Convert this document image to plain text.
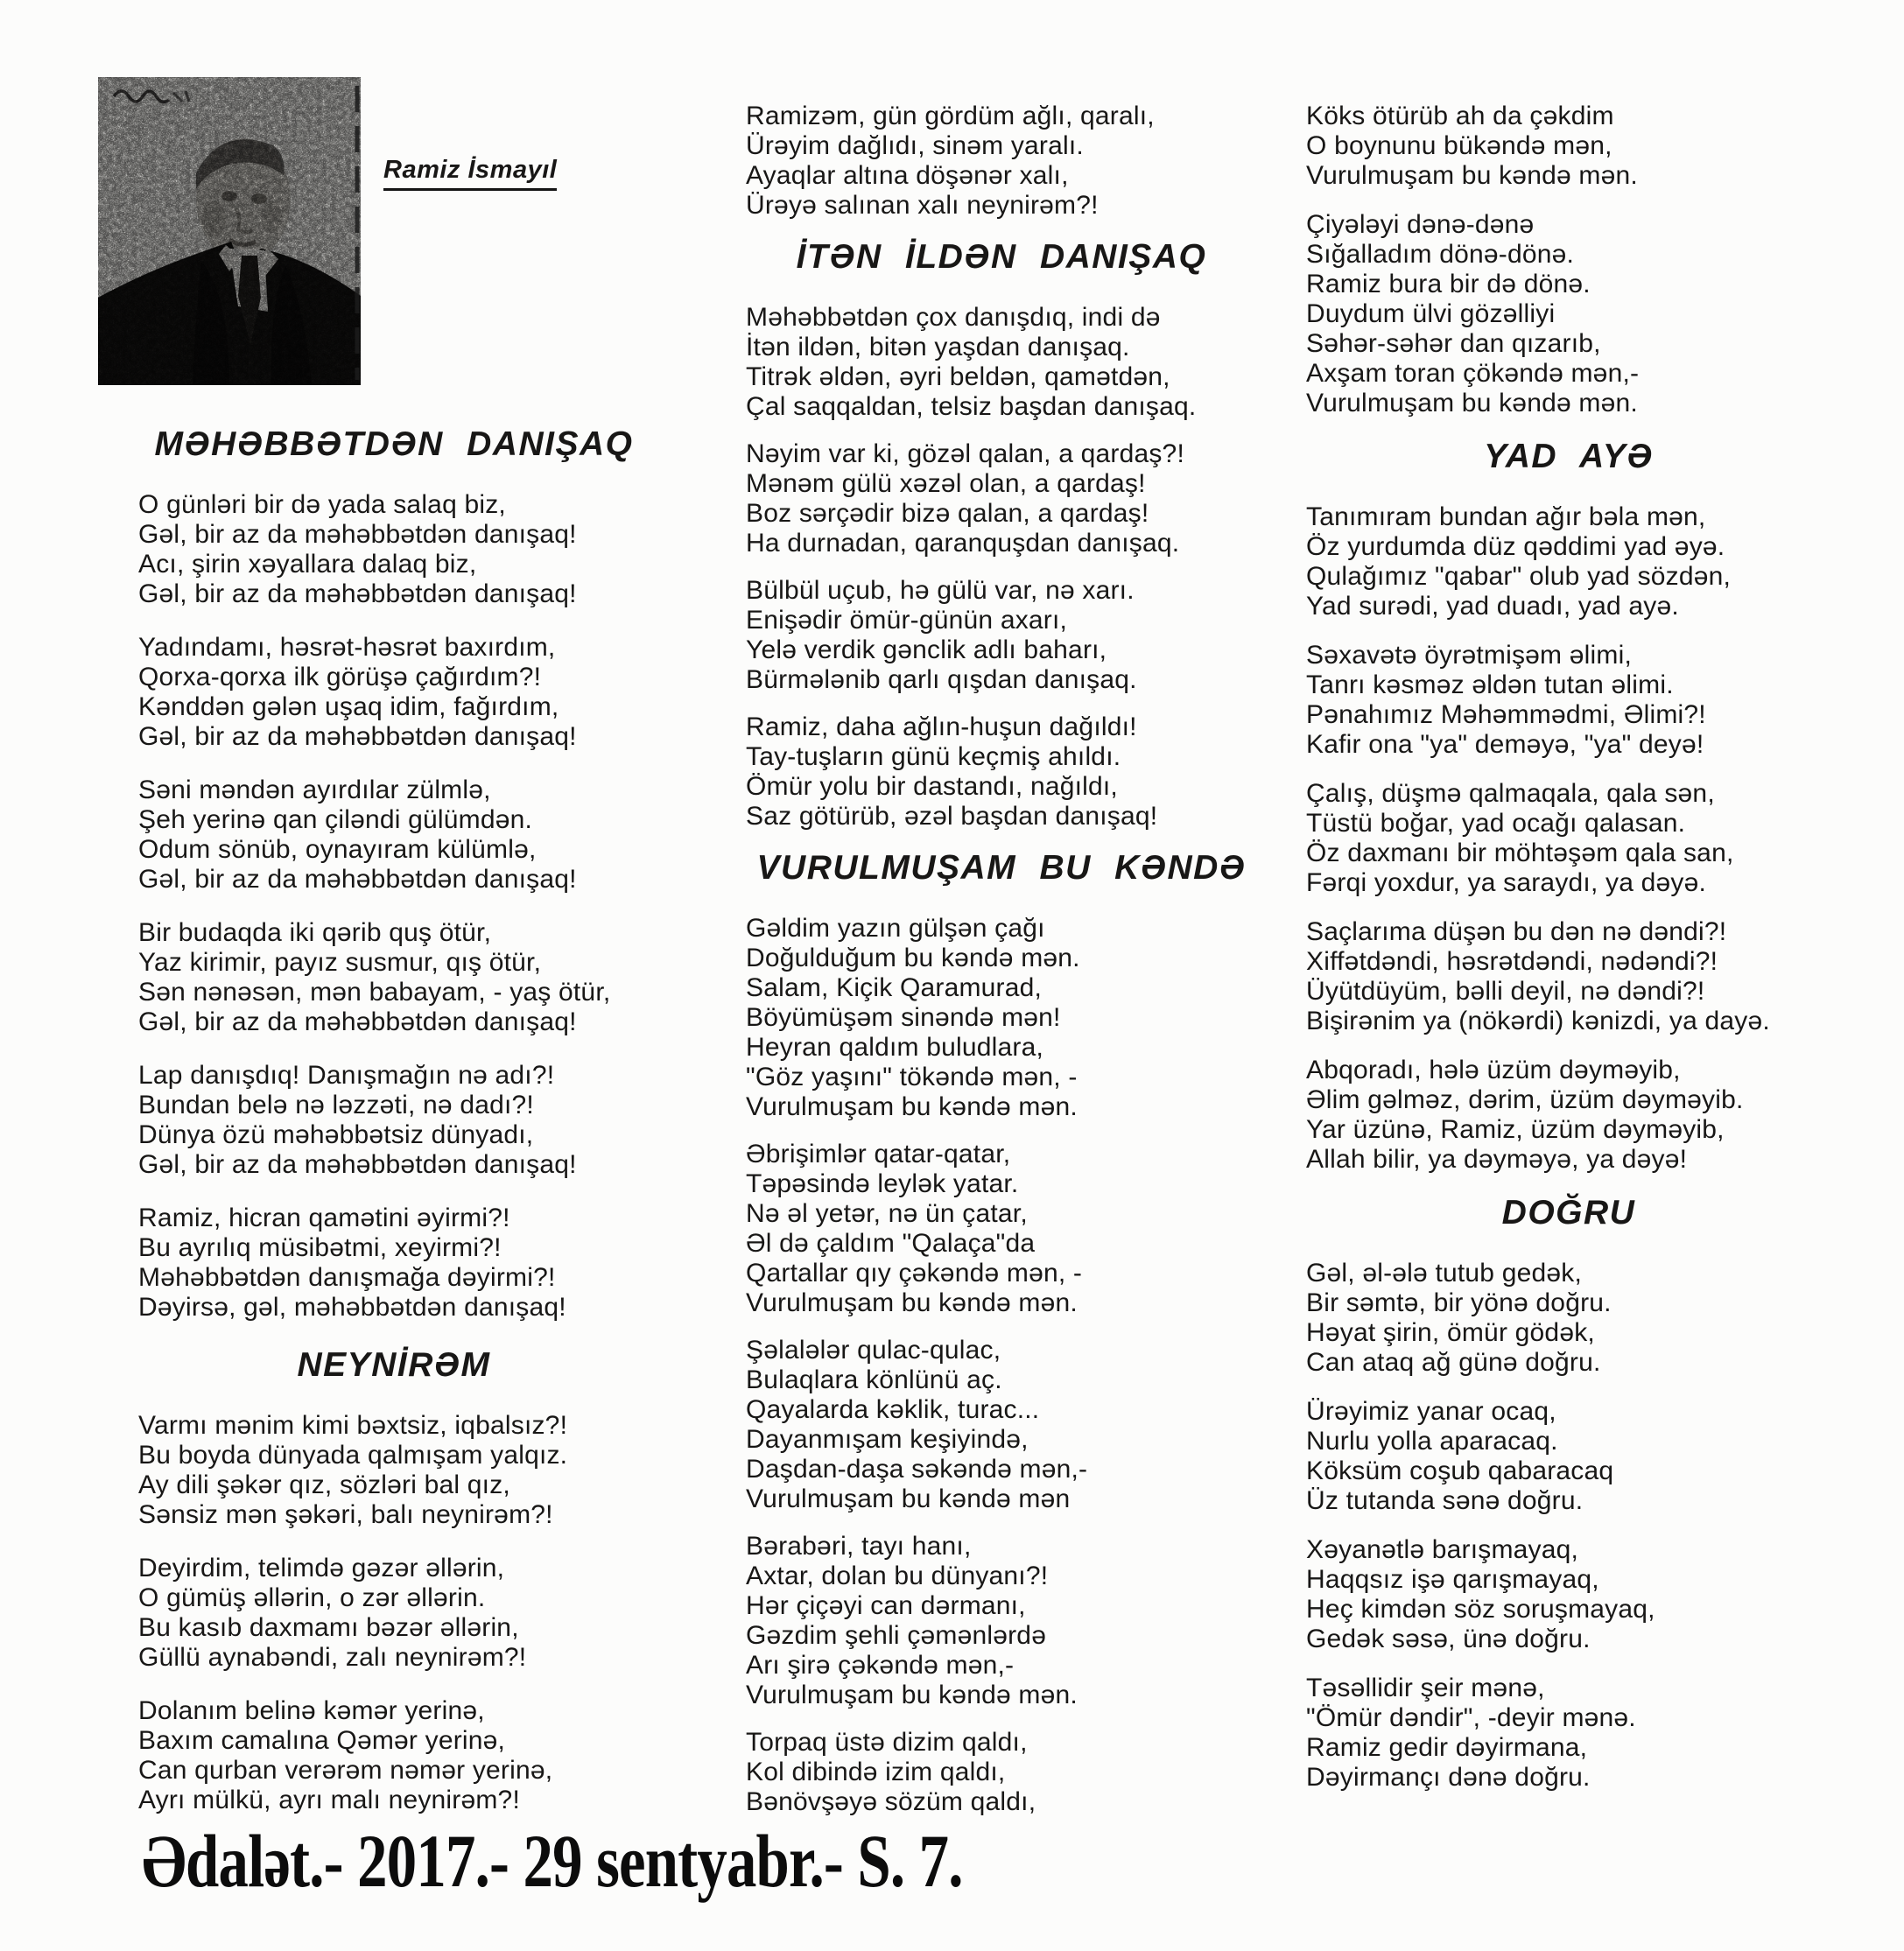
Ramiz İsmayıl
MƏHƏBBƏTDƏN DANIŞAQ
O günləri bir də yada salaq biz,
Gəl, bir az da məhəbbətdən danışaq!
Acı, şirin xəyallara dalaq biz,
Gəl, bir az da məhəbbətdən danışaq!
Yadındamı, həsrət-həsrət baxırdım,
Qorxa-qorxa ilk görüşə çağırdım?!
Kənddən gələn uşaq idim, fağırdım,
Gəl, bir az da məhəbbətdən danışaq!
Səni məndən ayırdılar zülmlə,
Şeh yerinə qan çiləndi gülümdən.
Odum sönüb, oynayıram külümlə,
Gəl, bir az da məhəbbətdən danışaq!
Bir budaqda iki qərib quş ötür,
Yaz kirimir, payız susmur, qış ötür,
Sən nənəsən, mən babayam, - yaş ötür,
Gəl, bir az da məhəbbətdən danışaq!
Lap danışdıq! Danışmağın nə adı?!
Bundan belə nə ləzzəti, nə dadı?!
Dünya özü məhəbbətsiz dünyadı,
Gəl, bir az da məhəbbətdən danışaq!
Ramiz, hicran qamətini əyirmi?!
Bu ayrılıq müsibətmi, xeyirmi?!
Məhəbbətdən danışmağa dəyirmi?!
Dəyirsə, gəl, məhəbbətdən danışaq!
NEYNİRƏM
Varmı mənim kimi bəxtsiz, iqbalsız?!
Bu boyda dünyada qalmışam yalqız.
Ay dili şəkər qız, sözləri bal qız,
Sənsiz mən şəkəri, balı neynirəm?!
Deyirdim, telimdə gəzər əllərin,
O gümüş əllərin, o zər əllərin.
Bu kasıb daxmamı bəzər əllərin,
Güllü aynabəndi, zalı neynirəm?!
Dolanım belinə kəmər yerinə,
Baxım camalına Qəmər yerinə,
Can qurban verərəm nəmər yerinə,
Ayrı mülkü, ayrı malı neynirəm?!
Ramizəm, gün gördüm ağlı, qaralı,
Ürəyim dağlıdı, sinəm yaralı.
Ayaqlar altına döşənər xalı,
Ürəyə salınan xalı neynirəm?!
İTƏN İLDƏN DANIŞAQ
Məhəbbətdən çox danışdıq, indi də
İtən ildən, bitən yaşdan danışaq.
Titrək əldən, əyri beldən, qamətdən,
Çal saqqaldan, telsiz başdan danışaq.
Nəyim var ki, gözəl qalan, a qardaş?!
Mənəm gülü xəzəl olan, a qardaş!
Boz sərçədir bizə qalan, a qardaş!
Ha durnadan, qaranquşdan danışaq.
Bülbül uçub, hə gülü var, nə xarı.
Enişədir ömür-günün axarı,
Yelə verdik gənclik adlı baharı,
Bürmələnib qarlı qışdan danışaq.
Ramiz, daha ağlın-huşun dağıldı!
Tay-tuşların günü keçmiş ahıldı.
Ömür yolu bir dastandı, nağıldı,
Saz götürüb, əzəl başdan danışaq!
VURULMUŞAM BU KƏNDƏ
Gəldim yazın gülşən çağı
Doğulduğum bu kəndə mən.
Salam, Kiçik Qaramurad,
Böyümüşəm sinəndə mən!
Heyran qaldım buludlara,
"Göz yaşını" tökəndə mən, -
Vurulmuşam bu kəndə mən.
Əbrişimlər qatar-qatar,
Təpəsində leylək yatar.
Nə əl yetər, nə ün çatar,
Əl də çaldım "Qalaça"da
Qartallar qıy çəkəndə mən, -
Vurulmuşam bu kəndə mən.
Şəlalələr qulac-qulac,
Bulaqlara könlünü aç.
Qayalarda kəklik, turac...
Dayanmışam keşiyində,
Daşdan-daşa səkəndə mən,-
Vurulmuşam bu kəndə mən
Bərabəri, tayı hanı,
Axtar, dolan bu dünyanı?!
Hər çiçəyi can dərmanı,
Gəzdim şehli çəmənlərdə
Arı şirə çəkəndə mən,-
Vurulmuşam bu kəndə mən.
Torpaq üstə dizim qaldı,
Kol dibində izim qaldı,
Bənövşəyə sözüm qaldı,
Köks ötürüb ah da çəkdim
O boynunu bükəndə mən,
Vurulmuşam bu kəndə mən.
Çiyələyi dənə-dənə
Sığalladım dönə-dönə.
Ramiz bura bir də dönə.
Duydum ülvi gözəlliyi
Səhər-səhər dan qızarıb,
Axşam toran çökəndə mən,-
Vurulmuşam bu kəndə mən.
YAD AYƏ
Tanımıram bundan ağır bəla mən,
Öz yurdumda düz qəddimi yad əyə.
Qulağımız "qabar" olub yad sözdən,
Yad surədi, yad duadı, yad ayə.
Səxavətə öyrətmişəm əlimi,
Tanrı kəsməz əldən tutan əlimi.
Pənahımız Məhəmmədmi, Əlimi?!
Kafir ona "ya" deməyə, "ya" deyə!
Çalış, düşmə qalmaqala, qala sən,
Tüstü boğar, yad ocağı qalasan.
Öz daxmanı bir möhtəşəm qala san,
Fərqi yoxdur, ya saraydı, ya dəyə.
Saçlarıma düşən bu dən nə dəndi?!
Xiffətdəndi, həsrətdəndi, nədəndi?!
Üyütdüyüm, bəlli deyil, nə dəndi?!
Bişirənim ya (nökərdi) kənizdi, ya dayə.
Abqoradı, hələ üzüm dəyməyib,
Əlim gəlməz, dərim, üzüm dəyməyib.
Yar üzünə, Ramiz, üzüm dəyməyib,
Allah bilir, ya dəyməyə, ya dəyə!
DOĞRU
Gəl, əl-ələ tutub gedək,
Bir səmtə, bir yönə doğru.
Həyat şirin, ömür gödək,
Can ataq ağ günə doğru.
Ürəyimiz yanar ocaq,
Nurlu yolla aparacaq.
Köksüm coşub qabaracaq
Üz tutanda sənə doğru.
Xəyanətlə barışmayaq,
Haqqsız işə qarışmayaq,
Heç kimdən söz soruşmayaq,
Gedək səsə, ünə doğru.
Təsəllidir şeir mənə,
"Ömür dəndir", -deyir mənə.
Ramiz gedir dəyirmana,
Dəyirmançı dənə doğru.
Ədalət.- 2017.- 29 sentyabr.- S. 7.
